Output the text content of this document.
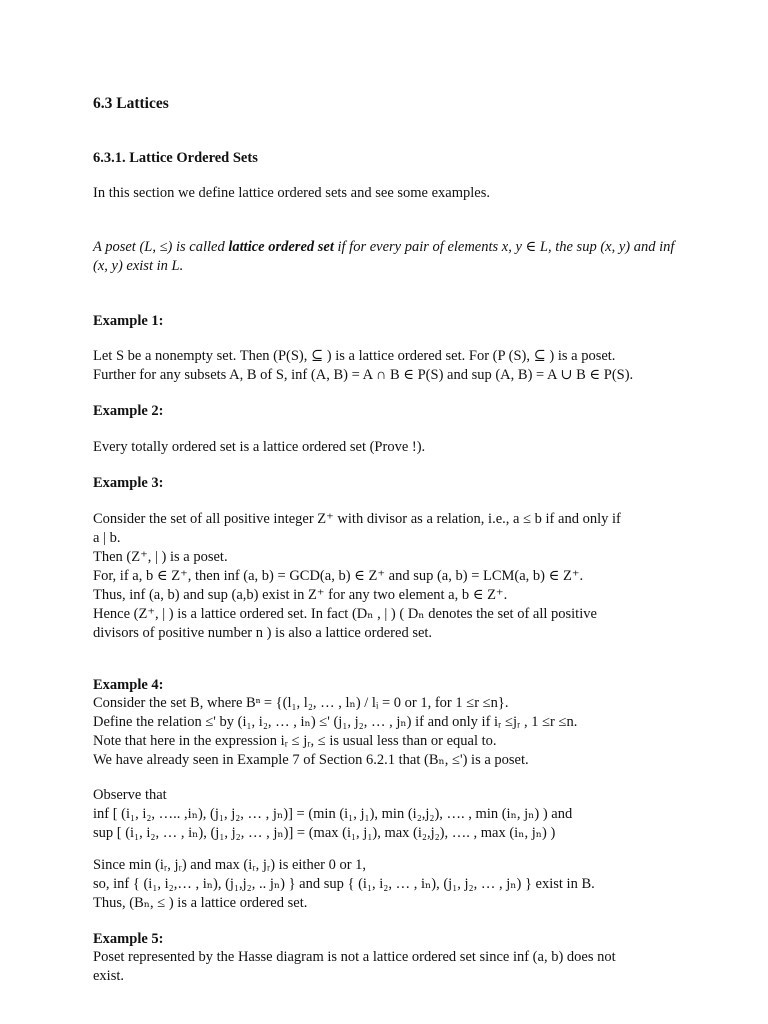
6.3 Lattices
6.3.1. Lattice Ordered Sets
In this section we define lattice ordered sets and see some examples.
A poset (L, ≤) is called lattice ordered set if for every pair of elements x, y ∈ L, the sup (x, y) and inf (x, y) exist in L.
Example 1:
Let S be a nonempty set. Then (P(S), ⊆ ) is a lattice ordered set. For (P (S), ⊆ ) is a poset.
Further for any subsets A, B of S, inf (A, B) = A ∩ B ∈ P(S) and sup (A, B) = A ∪ B ∈ P(S).
Example 2:
Every totally ordered set is a lattice ordered set (Prove !).
Example 3:
Consider the set of all positive integer Z⁺ with divisor as a relation, i.e., a ≤ b if and only if
a | b.
Then (Z⁺, | ) is a poset.
For, if a, b ∈ Z⁺, then inf (a, b) = GCD(a, b) ∈ Z⁺ and sup (a, b) = LCM(a, b) ∈ Z⁺.
Thus, inf (a, b) and sup (a,b) exist in Z⁺ for any two element a, b ∈ Z⁺.
Hence (Z⁺, | ) is a lattice ordered set. In fact (Dₙ , | ) ( Dₙ denotes the set of all positive
divisors of positive number n ) is also a lattice ordered set.
Example 4:
Consider the set B, where Bⁿ = {(l₁, l₂, … , lₙ) / lᵢ = 0 or 1, for 1 ≤r ≤n}.
Define the relation ≤' by (i₁, i₂, … , iₙ) ≤' (j₁, j₂, … , jₙ) if and only if iᵣ ≤jᵣ , 1 ≤r ≤n.
Note that here in the expression iᵣ ≤ jᵣ, ≤ is usual less than or equal to.
We have already seen in Example 7 of Section 6.2.1 that (Bₙ, ≤') is a poset.
Observe that
inf [ (i₁, i₂, ….. ,iₙ), (j₁, j₂, … , jₙ)] = (min (i₁, j₁), min (i₂,j₂), …. , min (iₙ, jₙ) ) and
sup [ (i₁, i₂, … , iₙ), (j₁, j₂, … , jₙ)] = (max (i₁, j₁), max (i₂,j₂), …. , max (iₙ, jₙ) )
Since min (iᵣ, jᵣ) and max (iᵣ, jᵣ) is either 0 or 1,
so, inf { (i₁, i₂,… , iₙ), (j₁,j₂, .. jₙ) } and sup { (i₁, i₂, … , iₙ), (j₁, j₂, … , jₙ) } exist in B.
Thus, (Bₙ, ≤ ) is a lattice ordered set.
Example 5:
Poset represented by the Hasse diagram is not a lattice ordered set since inf (a, b) does not
exist.
